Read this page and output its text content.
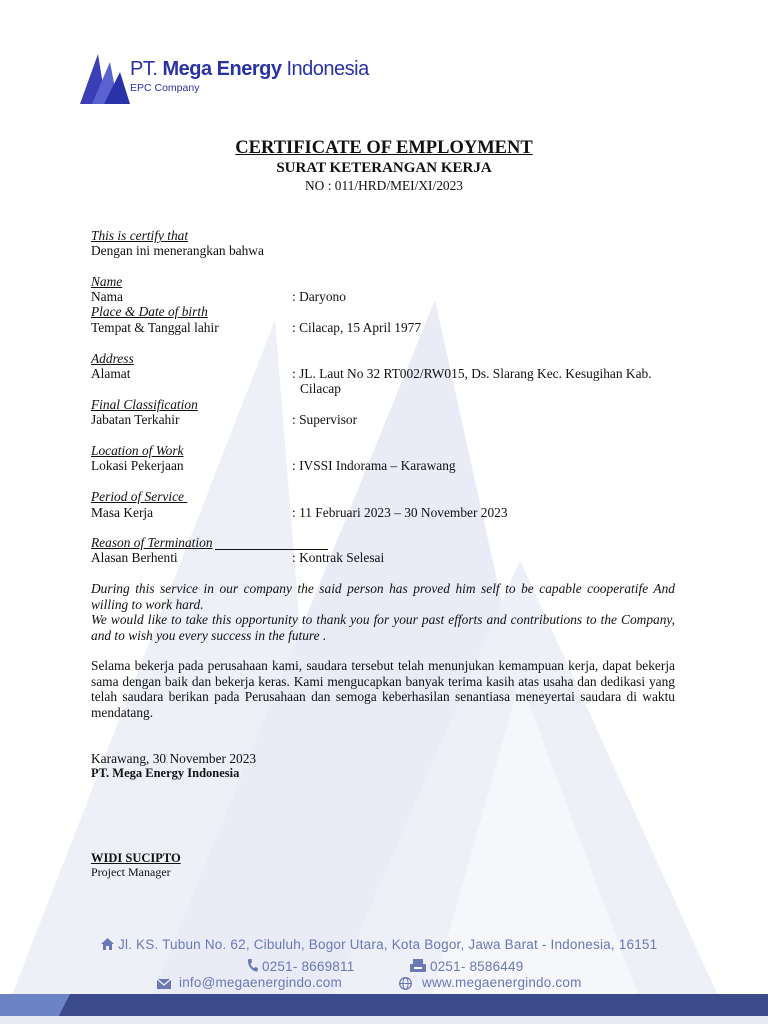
PT. Mega Energy Indonesia
EPC Company
CERTIFICATE OF EMPLOYMENT
SURAT KETERANGAN KERJA
NO : 011/HRD/MEI/XI/2023
This is certify that
Dengan ini menerangkan bahwa
Name
Nama	: Daryono
Place & Date of birth
Tempat & Tanggal lahir	: Cilacap, 15 April 1977
Address
Alamat	: JL. Laut No 32 RT002/RW015, Ds. Slarang Kec. Kesugihan Kab.
Cilacap
Final Classification
Jabatan Terkahir	: Supervisor
Location of Work
Lokasi Pekerjaan	: IVSSI Indorama – Karawang
Period of Service
Masa Kerja	: 11 Februari 2023 – 30 November 2023
Reason of Termination
Alasan Berhenti	: Kontrak Selesai
During this service in our company the said person has proved him self to be capable cooperatife And willing to work hard.
We would like to take this opportunity to thank you for your past efforts and contributions to the Company, and to wish you every success in the future .
Selama bekerja pada perusahaan kami, saudara tersebut telah menunjukan kemampuan kerja, dapat bekerja sama dengan baik dan bekerja keras. Kami mengucapkan banyak terima kasih atas usaha dan dedikasi yang telah saudara berikan pada Perusahaan dan semoga keberhasilan senantiasa meneyertai saudara di waktu mendatang.
Karawang, 30 November 2023
PT. Mega Energy Indonesia
WIDI SUCIPTO
Project Manager
Jl. KS. Tubun No. 62, Cibuluh, Bogor Utara, Kota Bogor, Jawa Barat - Indonesia, 16151
0251- 8669811	0251- 8586449
info@megaenergindo.com	www.megaenergindo.com
